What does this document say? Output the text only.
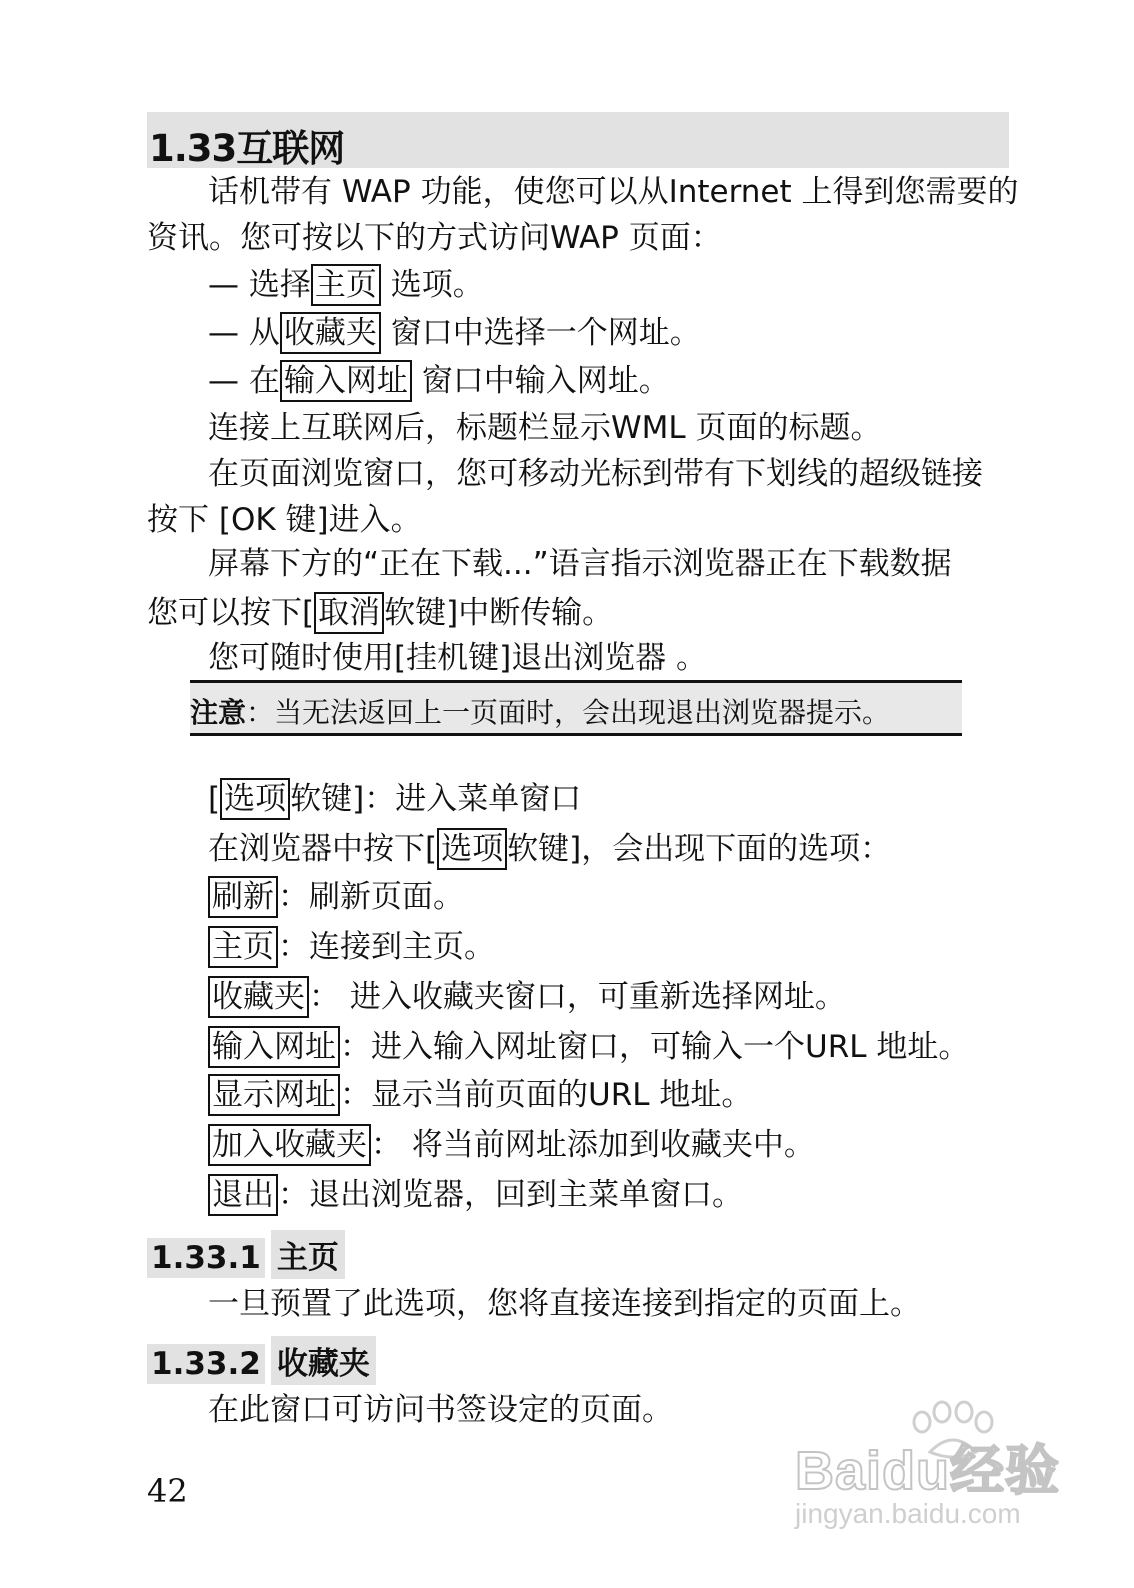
1.33互联网
话机带有 WAP 功能，使您可以从Internet 上得到您需要的
资讯。您可按以下的方式访问WAP 页面：
— 选择 主页 选项。
— 从 收藏夹 窗口中选择一个网址。
— 在 输入网址 窗口中输入网址。
连接上互联网后，标题栏显示WML 页面的标题。
在页面浏览窗口，您可移动光标到带有下划线的超级链接
按下 [OK 键]进入。
屏幕下方的“正在下载...”语言指示浏览器正在下载数据
您可以按下[ 取消 软键]中断传输。
您可随时使用[挂机键]退出浏览器 。
注意：当无法返回上一页面时，会出现退出浏览器提示。
[ 选项 软键]：进入菜单窗口
在浏览器中按下[ 选项 软键]，会出现下面的选项：
刷新 ：刷新页面。
主页 ：连接到主页。
收藏夹 ： 进入收藏夹窗口，可重新选择网址。
输入网址 ：进入输入网址窗口，可输入一个URL 地址。
显示网址 ：显示当前页面的URL 地址。
加入收藏夹 ： 将当前网址添加到收藏夹中。
退出 ：退出浏览器，回到主菜单窗口。
1.33.1 主页
一旦预置了此选项，您将直接连接到指定的页面上。
1.33.2 收藏夹
在此窗口可访问书签设定的页面。
42	Baidu经验
jingyan.baidu.com
